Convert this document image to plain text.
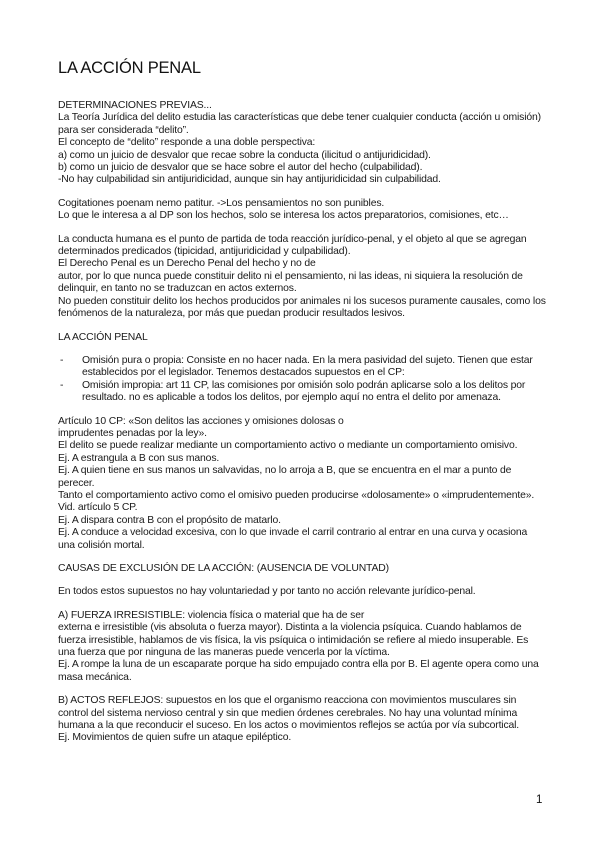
LA ACCIÓN PENAL

DETERMINACIONES PREVIAS...

La Teoría Jurídica del delito estudia las características que debe tener cualquier conducta (acción u omisión) para ser considerada “delito”.

El concepto de “delito” responde a una doble perspectiva:

a) como un juicio de desvalor que recae sobre la conducta (ilicitud o antijuridicidad).

b) como un juicio de desvalor que se hace sobre el autor del hecho (culpabilidad).

-No hay culpabilidad sin antijuridicidad, aunque sin hay antijuridicidad sin culpabilidad.

Cogitationes poenam nemo patitur. ->Los pensamientos no son punibles.

Lo que le interesa a al DP son los hechos, solo se interesa los actos preparatorios, comisiones, etc…

La conducta humana es el punto de partida de toda reacción jurídico-penal, y el objeto al que se agregan determinados predicados (tipicidad, antijuridicidad y culpabilidad).

El Derecho Penal es un Derecho Penal del hecho y no de
autor, por lo que nunca puede constituir delito ni el pensamiento, ni las ideas, ni siquiera la resolución de delinquir, en tanto no se traduzcan en actos externos.

No pueden constituir delito los hechos producidos por animales ni los sucesos puramente causales, como los fenómenos de la naturaleza, por más que puedan producir resultados lesivos.

LA ACCIÓN PENAL

- Omisión pura o propia: Consiste en no hacer nada. En la mera pasividad del sujeto. Tienen que estar establecidos por el legislador. Tenemos destacados supuestos en el CP:
- Omisión impropia: art 11 CP, las comisiones por omisión solo podrán aplicarse solo a los delitos por resultado. no es aplicable a todos los delitos, por ejemplo aquí no entra el delito por amenaza.

Artículo 10 CP: «Son delitos las acciones y omisiones dolosas o
imprudentes penadas por la ley».

El delito se puede realizar mediante un comportamiento activo o mediante un comportamiento omisivo.

Ej. A estrangula a B con sus manos.

Ej. A quien tiene en sus manos un salvavidas, no lo arroja a B, que se encuentra en el mar a punto de perecer.

Tanto el comportamiento activo como el omisivo pueden producirse «dolosamente» o «imprudentemente». Vid. artículo 5 CP.

Ej. A dispara contra B con el propósito de matarlo.

Ej. A conduce a velocidad excesiva, con lo que invade el carril contrario al entrar en una curva y ocasiona una colisión mortal.

CAUSAS DE EXCLUSIÓN DE LA ACCIÓN: (AUSENCIA DE VOLUNTAD)

En todos estos supuestos no hay voluntariedad y por tanto no acción relevante jurídico-penal.

A) FUERZA IRRESISTIBLE: violencia física o material que ha de ser
externa e irresistible (vis absoluta o fuerza mayor). Distinta a la violencia psíquica. Cuando hablamos de fuerza irresistible, hablamos de vis física, la vis psíquica o intimidación se refiere al miedo insuperable. Es una fuerza que por ninguna de las maneras puede vencerla por la víctima.

Ej. A rompe la luna de un escaparate porque ha sido empujado contra ella por B. El agente opera como una masa mecánica.

B) ACTOS REFLEJOS: supuestos en los que el organismo reacciona con movimientos musculares sin control del sistema nervioso central y sin que medien órdenes cerebrales. No hay una voluntad mínima humana a la que reconducir el suceso. En los actos o movimientos reflejos se actúa por vía subcortical.

Ej. Movimientos de quien sufre un ataque epiléptico.

1
